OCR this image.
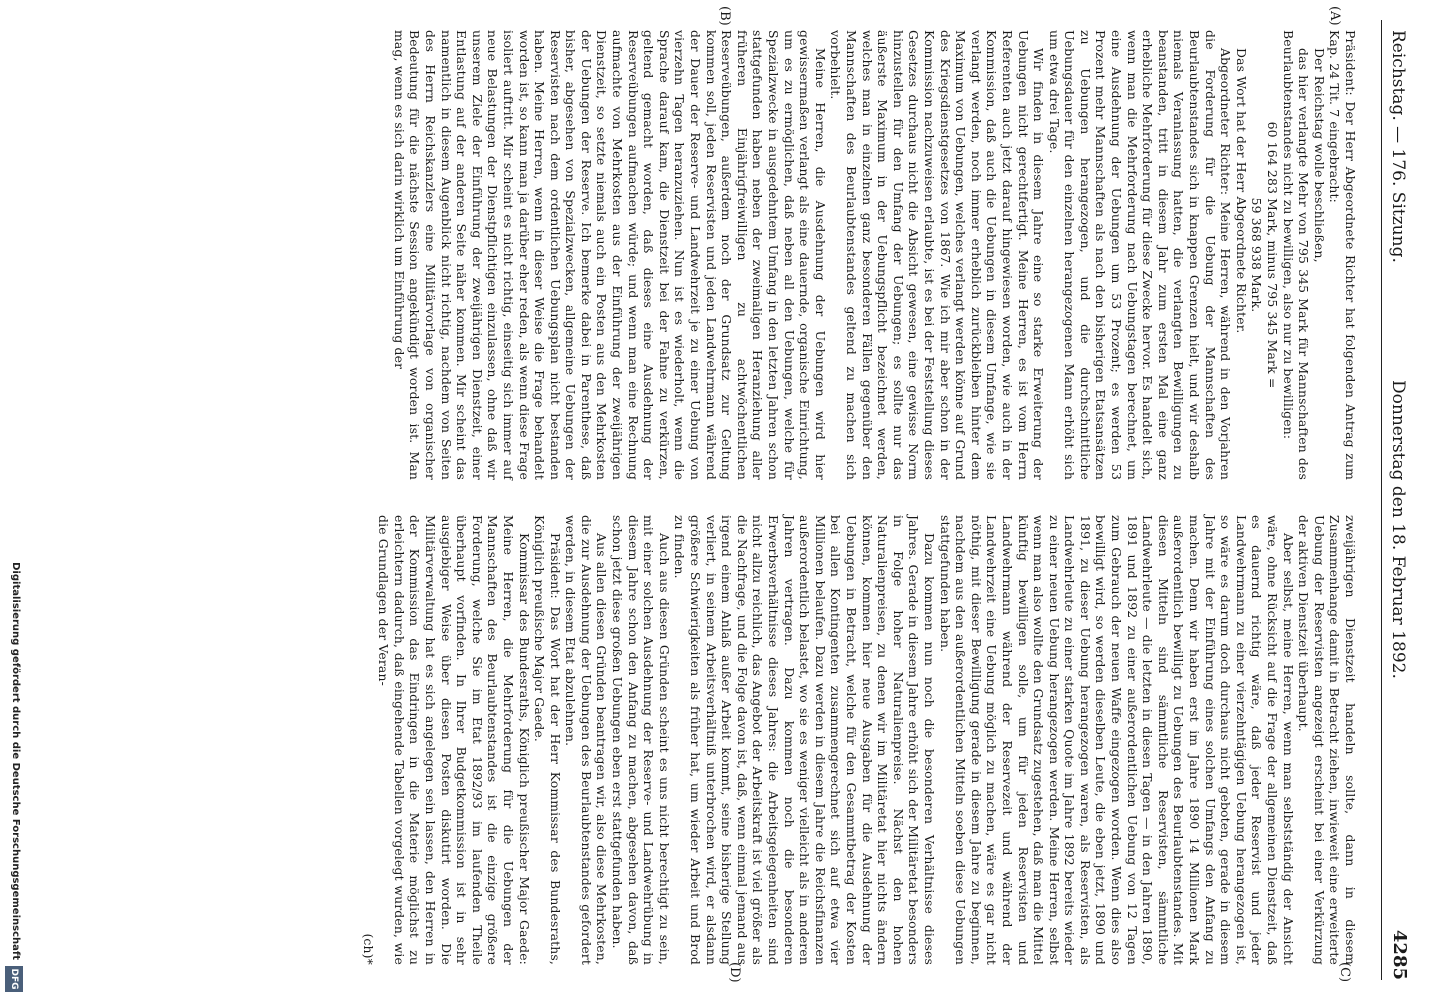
Reichstag. — 176. Sitzung.
Donnerstag den 18. Februar 1892.
4285
(A)
(B)
(C)
(D)

Präsident: Der Herr Abgeordnete Richter hat folgenden Antrag zum Kap. 24 Tit. 7 eingebracht:

Der Reichstag wolle beschließen,

das hier verlangte Mehr von 795 345 Mark für Mannschaften des Beurlaubtenstandes nicht zu bewilligen, also nur zu bewilligen:

60 164 283 Mark, minus 795 345 Mark =

59 368 938 Mark.

Das Wort hat der Herr Abgeordnete Richter.

Abgeordneter Richter: Meine Herren, während in den Vorjahren die Forderung für die Uebung der Mannschaften des Beurlaubtenstandes sich in knappen Grenzen hielt, und wir deshalb niemals Veranlassung hatten, die verlangten Bewilligungen zu beanstanden, tritt in diesem Jahr zum ersten Mal eine ganz erhebliche Mehrforderung für diese Zwecke hervor. Es handelt sich, wenn man die Mehrforderung nach Uebungstagen berechnet, um eine Ausdehnung der Uebungen um 53 Prozent; es werden 53 Prozent mehr Mannschaften als nach den bisherigen Etatsansätzen zu Uebungen herangezogen, und die durchschnittliche Uebungsdauer für den einzelnen herangezogenen Mann erhöht sich um etwa drei Tage.

Wir finden in diesem Jahre eine so starke Erweiterung der Uebungen nicht gerechtfertigt. Meine Herren, es ist vom Herrn Referenten auch jetzt darauf hingewiesen worden, wie auch in der Kommission, daß auch die Uebungen in diesem Umfange, wie sie verlangt werden, noch immer erheblich zurückbleiben hinter dem Maximum von Uebungen, welches verlangt werden könne auf Grund des Kriegsdienstgesetzes von 1867. Wie ich mir aber schon in der Kommission nachzuweisen erlaubte, ist es bei der Feststellung dieses Gesetzes durchaus nicht die Absicht gewesen, eine gewisse Norm hinzustellen für den Umfang der Uebungen; es sollte nur das äußerste Maximum in der Uebungspflicht bezeichnet werden, welches man in einzelnen ganz besonderen Fällen gegenüber den Mannschaften des Beurlaubtenstandes geltend zu machen sich vorbehielt.

Meine Herren, die Ausdehnung der Uebungen wird hier gewissermaßen verlangt als eine dauernde, organische Einrichtung, um es zu ermöglichen, daß neben all den Uebungen, welche für Spezialzwecke in ausgedehntem Umfang in den letzten Jahren schon stattgefunden haben neben der zweimaligen Heranziehung aller früheren Einjährigfreiwilligen zu achtwöchentlichen Reserveübungen, außerdem noch der Grundsatz zur Geltung kommen soll, jeden Reservisten und jeden Landwehrmann während der Dauer der Reserve- und Landwehrzeit je zu einer Uebung von vierzehn Tagen heranzuziehen. Nun ist es wiederholt, wenn die Sprache darauf kam, die Dienstzeit bei der Fahne zu verkürzen, geltend gemacht worden, daß dieses eine Ausdehnung der Reserveübungen aufmachen würde; und wenn man eine Rechnung aufmachte von Mehrkosten aus der Einführung der zweijährigen Dienstzeit, so setzte niemals auch ein Posten aus den Mehrkosten der Uebungen der Reserve. Ich bemerke dabei in Parenthese, daß bisher, abgesehen von Spezialzwecken, allgemeine Uebungen der Reservisten nach dem ordentlichen Uebungsplan nicht bestanden haben. Meine Herren, wenn in dieser Weise die Frage behandelt worden ist, so kann man ja darüber eher reden, als wenn diese Frage isoliert auftritt. Mir scheint es nicht richtig, einseitig sich immer auf neue Belastungen der Dienstpflichtigen einzulassen, ohne daß wir unserem Ziele der Einführung der zweijährigen Dienstzeit, einer Entlastung auf der anderen Seite näher kommen. Mir scheint das namentlich in diesem Augenblick nicht richtig, nachdem von Seiten des Herrn Reichskanzlers eine Militärvorlage von organischer Bedeutung für die nächste Session angekündigt worden ist. Man mag, wenn es sich darin wirklich um Einführung der

zweijährigen Dienstzeit handeln sollte, dann in diesem Zusammenhange damit in Betracht ziehen, inwieweit eine erweiterte Uebung der Reservisten angezeigt erscheint bei einer Verkürzung der aktiven Dienstzeit überhaupt.

Aber selbst, meine Herren, wenn man selbstständig der Ansicht wäre, ohne Rücksicht auf die Frage der allgemeinen Dienstzeit, daß es dauernd richtig wäre, daß jeder Reservist und jeder Landwehrmann zu einer vierzehntägigen Uebung herangezogen ist, so wäre es darum doch durchaus nicht geboten, gerade in diesem Jahre mit der Einführung eines solchen Umfangs den Anfang zu machen. Denn wir haben erst im Jahre 1890 14 Millionen Mark außerordentlich bewilligt zu Uebungen des Beurlaubtenstandes. Mit diesen Mitteln sind sämmtliche Reservisten, sämmtliche Landwehrleute — die letzten in diesen Tagen — in den Jahren 1890, 1891 und 1892 zu einer außerordentlichen Uebung von 12 Tagen zum Gebrauch der neuen Waffe eingezogen worden. Wenn dies also bewilligt wird, so werden dieselben Leute, die eben jetzt, 1890 und 1891, zu dieser Uebung herangezogen waren, als Reservisten, als Landwehrleute zu einer starken Quote im Jahre 1892 bereits wieder zu einer neuen Uebung herangezogen werden. Meine Herren, selbst wenn man also wollte den Grundsatz zugestehen, daß man die Mittel künftig bewilligen solle, um für jeden Reservisten und Landwehrmann während der Reservezeit und während der Landwehrzeit eine Uebung möglich zu machen, wäre es gar nicht nöthig, mit dieser Bewilligung gerade in diesem Jahre zu beginnen, nachdem aus den außerordentlichen Mitteln soeben diese Uebungen stattgefunden haben.

Dazu kommen nun noch die besonderen Verhältnisse dieses Jahres. Gerade in diesem Jahre erhöht sich der Militäretat besonders in Folge hoher Naturalienpreise. Nächst den hohen Naturalienpreisen, zu denen wir im Militäretat hier nichts ändern können, kommen hier neue Ausgaben für die Ausdehnung der Uebungen in Betracht, welche für den Gesammtbetrag der Kosten bei allen Kontingenten zusammengerechnet sich auf etwa vier Millionen belaufen. Dazu werden in diesem Jahre die Reichsfinanzen außerordentlich belastet, wo sie es weniger vielleicht als in anderen Jahren vertragen. Dazu kommen noch die besonderen Erwerbsverhältnisse dieses Jahres: die Arbeitsgelegenheiten sind nicht allzu reichlich, das Angebot der Arbeitskraft ist viel größer als die Nachfrage, und die Folge davon ist, daß, wenn einmal jemand aus irgend einem Anlaß außer Arbeit kommt, seine bisherige Stellung verliert, in seinem Arbeitsverhältniß unterbrochen wird, er alsdann größere Schwierigkeiten als früher hat, um wieder Arbeit und Brod zu finden.

Auch aus diesen Gründen scheint es uns nicht berechtigt zu sein, mit einer solchen Ausdehnung der Reserve- und Landwehrübung in diesem Jahre schon den Anfang zu machen, abgesehen davon, daß schon jetzt diese großen Uebungen eben erst stattgefunden haben.

Aus allen diesen Gründen beantragen wir, also diese Mehrkosten, die zur Ausdehnung der Uebungen des Beurlaubtenstandes gefordert werden, in diesem Etat abzulehnen.

Präsident: Das Wort hat der Herr Kommissar des Bundesraths, Königlich preußische Major Gaede.

Kommissar des Bundesraths, Königlich preußischer Major Gaede: Meine Herren, die Mehrforderung für die Uebungen der Mannschaften des Beurlaubtenstandes ist die einzige größere Forderung, welche Sie im Etat 1892/93 im laufenden Theile überhaupt vorfinden. In Ihrer Budgetkommission ist in sehr ausgiebiger Weise über diesen Posten diskutirt worden. Die Militärverwaltung hat es sich angelegen sein lassen, den Herren in der Kommission das Eindringen in die Materie möglichst zu erleichtern dadurch, daß eingehende Tabellen vorgelegt wurden, wie die Grundlagen der Veran-

(ch)*

Digitalisierung gefördert durch die Deutsche Forschungsgemeinschaft
DFG
